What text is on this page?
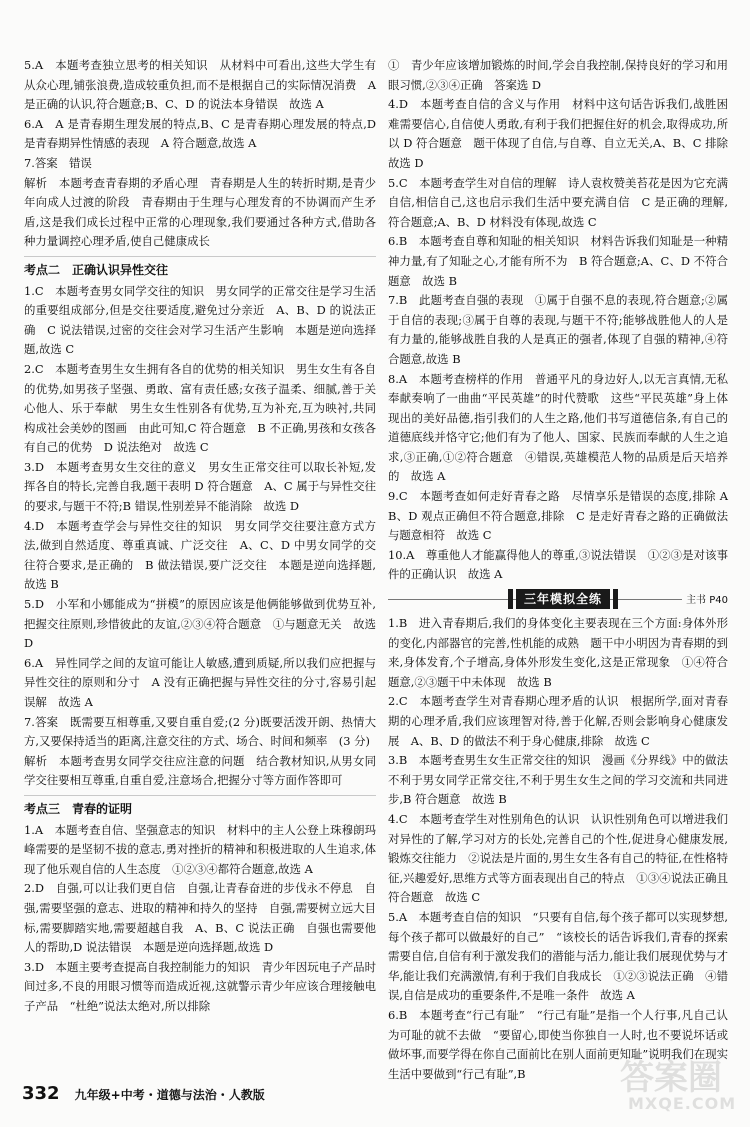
5.A　本题考查独立思考的相关知识　从材料中可看出,这些大学生有从众心理,铺张浪费,造成较重负担,而不是根据自己的实际情况消费　A 是正确的认识,符合题意;B、C、D 的说法本身错误　故选 A

6.A　A 是青春期生理发展的特点,B、C 是青春期心理发展的特点,D 是青春期异性情感的表现　A 符合题意,故选 A

7.答案　错误

解析　本题考查青春期的矛盾心理　青春期是人生的转折时期,是青少年向成人过渡的阶段　青春期由于生理与心理发育的不协调而产生矛盾,这是我们成长过程中正常的心理现象,我们要通过各种方式,借助各种力量调控心理矛盾,使自己健康成长

考点二　正确认识异性交往

1.C　本题考查男女同学交往的知识　男女同学的正常交往是学习生活的重要组成部分,但是交往要适度,避免过分亲近　A、B、D 的说法正确　C 说法错误,过密的交往会对学习生活产生影响　本题是逆向选择题,故选 C

2.C　本题考查男生女生拥有各自的优势的相关知识　男生女生有各自的优势,如男孩子坚强、勇敢、富有责任感;女孩子温柔、细腻,善于关心他人、乐于奉献　男生女生性别各有优势,互为补充,互为映衬,共同构成社会美妙的图画　由此可知,C 符合题意　B 不正确,男孩和女孩各有自己的优势　D 说法绝对　故选 C

3.D　本题考查男女生交往的意义　男女生正常交往可以取长补短,发挥各自的特长,完善自我,题干表明 D 符合题意　A、C 属于与异性交往的要求,与题干不符;B 错误,性别差异不能消除　故选 D

4.D　本题考查学会与异性交往的知识　男女同学交往要注意方式方法,做到自然适度、尊重真诚、广泛交往　A、C、D 中男女同学的交往符合要求,是正确的　B 做法错误,要广泛交往　本题是逆向选择题,故选 B

5.D　小军和小娜能成为“拼模”的原因应该是他俩能够做到优势互补,把握交往原则,珍惜彼此的友谊,②③④符合题意　①与题意无关　故选 D

6.A　异性同学之间的友谊可能让人敏感,遭到质疑,所以我们应把握与异性交往的原则和分寸　A 没有正确把握与异性交往的分寸,容易引起误解　故选 A

7.答案　既需要互相尊重,又要自重自爱;(2 分)既要活泼开朗、热情大方,又要保持适当的距离,注意交往的方式、场合、时间和频率　(3 分)

解析　本题考查男女同学交往应注意的问题　结合教材知识,从男女同学交往要相互尊重,自重自爱,注意场合,把握分寸等方面作答即可

考点三　青春的证明

1.A　本题考查自信、坚强意志的知识　材料中的主人公登上珠穆朗玛峰需要的是坚韧不拔的意志,勇对挫折的精神和积极进取的人生追求,体现了他乐观自信的人生态度　①②③④都符合题意,故选 A

2.D　自强,可以让我们更自信　自强,让青春奋进的步伐永不停息　自强,需要坚强的意志、进取的精神和持久的坚持　自强,需要树立远大目标,需要脚踏实地,需要超越自我　A、B、C 说法正确　自强也需要他人的帮助,D 说法错误　本题是逆向选择题,故选 D

3.D　本题主要考查提高自我控制能力的知识　青少年因玩电子产品时间过多,不良的用眼习惯等而造成近视,这就警示青少年应该合理接触电子产品　“杜绝”说法太绝对,所以排除

①　青少年应该增加锻炼的时间,学会自我控制,保持良好的学习和用眼习惯,②③④正确　答案选 D

4.D　本题考查自信的含义与作用　材料中这句话告诉我们,战胜困难需要信心,自信使人勇敢,有利于我们把握住好的机会,取得成功,所以 D 符合题意　题干体现了自信,与自尊、自立无关,A、B、C 排除　故选 D

5.C　本题考查学生对自信的理解　诗人袁枚赞美苔花是因为它充满自信,相信自己,这也启示我们生活中要充满自信　C 是正确的理解,符合题意;A、B、D 材料没有体现,故选 C

6.B　本题考查自尊和知耻的相关知识　材料告诉我们知耻是一种精神力量,有了知耻之心,才能有所不为　B 符合题意;A、C、D 不符合题意　故选 B

7.B　此题考查自强的表现　①属于自强不息的表现,符合题意;②属于自信的表现;③属于自尊的表现,与题干不符;能够战胜他人的人是有力量的,能够战胜自我的人是真正的强者,体现了自强的精神,④符合题意,故选 B

8.A　本题考查榜样的作用　普通平凡的身边好人,以无言真情,无私奉献奏响了一曲曲“平民英雄”的时代赞歌　这些“平民英雄”身上体现出的美好品德,指引我们的人生之路,他们书写道德信条,有自己的道德底线并恪守它;他们有为了他人、国家、民族而奉献的人生之追求,③正确,①②符合题意　④错误,英雄模范人物的品质是后天培养的　故选 A

9.C　本题考查如何走好青春之路　尽情享乐是错误的态度,排除 A　B、D 观点正确但不符合题意,排除　C 是走好青春之路的正确做法与题意相符　故选 C

10.A　尊重他人才能赢得他人的尊重,③说法错误　①②③是对该事件的正确认识　故选 A

三年模拟全练	主书 P40

1.B　进入青春期后,我们的身体变化主要表现在三个方面:身体外形的变化,内部器官的完善,性机能的成熟　题干中小明因为青春期的到来,身体发育,个子增高,身体外形发生变化,这是正常现象　①④符合题意,②③题干中未体现　故选 B

2.C　本题考查学生对青春期心理矛盾的认识　根据所学,面对青春期的心理矛盾,我们应该理智对待,善于化解,否则会影响身心健康发展　A、B、D 的做法不利于身心健康,排除　故选 C

3.B　本题考查男生女生正常交往的知识　漫画《分界线》中的做法不利于男女同学正常交往,不利于男生女生之间的学习交流和共同进步,B 符合题意　故选 B

4.C　本题考查学生对性别角色的认识　认识性别角色可以增进我们对异性的了解,学习对方的长处,完善自己的个性,促进身心健康发展,锻炼交往能力　②说法是片面的,男生女生各有自己的特征,在性格特征,兴趣爱好,思维方式等方面表现出自己的特点　①③④说法正确且符合题意　故选 C

5.A　本题考查自信的知识　“只要有自信,每个孩子都可以实现梦想,每个孩子都可以做最好的自己”　“该校长的话告诉我们,青春的探索需要自信,自信有利于激发我们的潜能与活力,能让我们展现优势与才华,能让我们充满激情,有利于我们自我成长　①②③说法正确　④错误,自信是成功的重要条件,不是唯一条件　故选 A

6.B　本题考查“行己有耻”　“行己有耻”是指一个人行事,凡自己认为可耻的就不去做　“要留心,即使当你独自一人时,也不要说坏话或做坏事,而要学得在你自己面前比在别人面前更知耻”说明我们在现实生活中要做到“行己有耻”,B

332 九年级+中考・道德与法治・人教版	答案圈
MXQE.COM
